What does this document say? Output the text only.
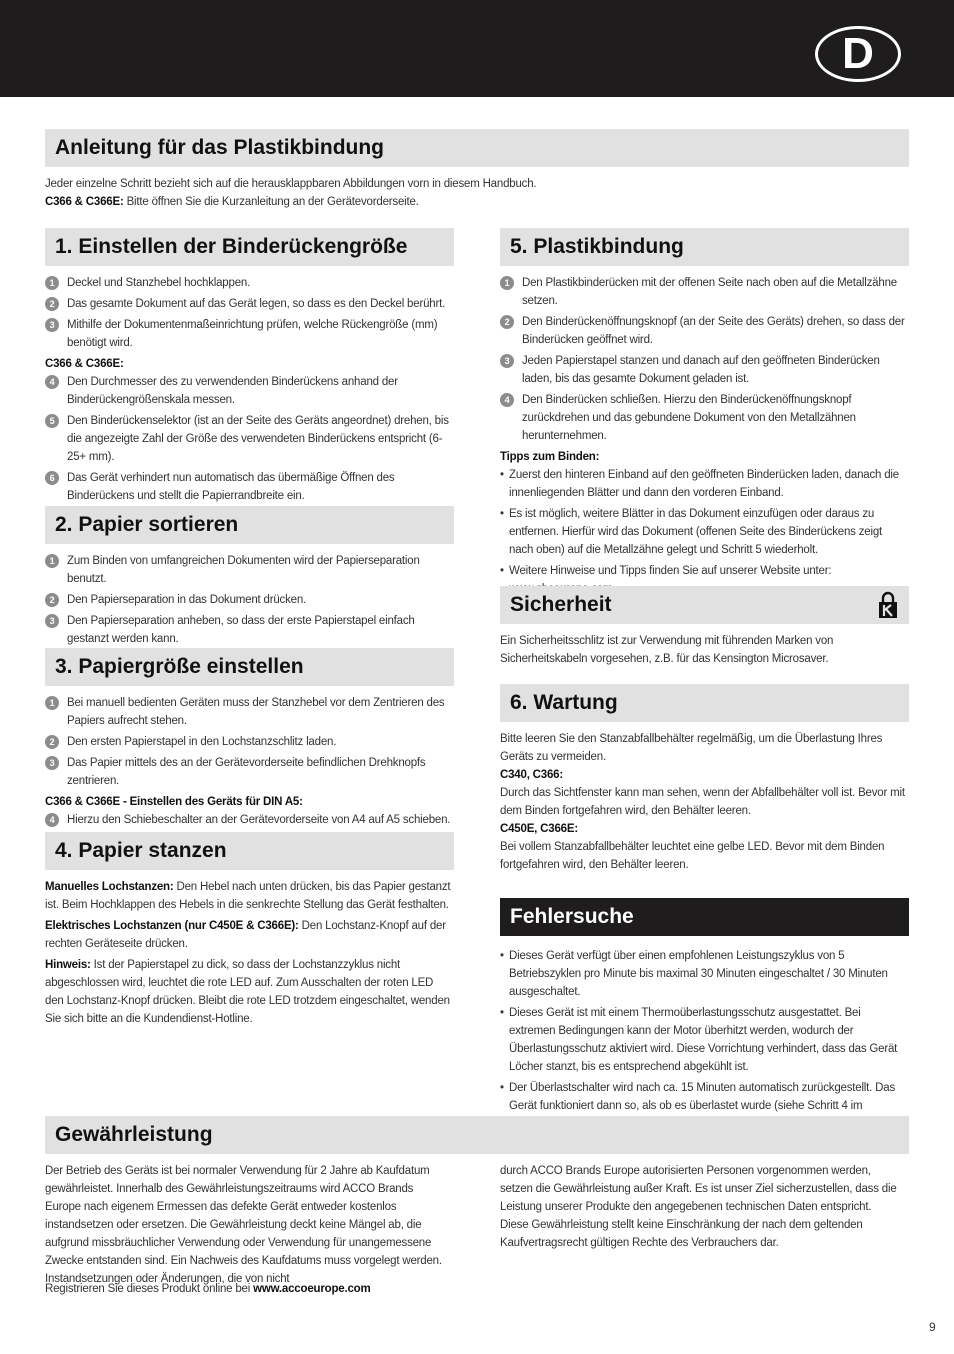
D
Anleitung für das Plastikbindung

Jeder einzelne Schritt bezieht sich auf die herausklappbaren Abbildungen vorn in diesem Handbuch.

C366 & C366E: Bitte öffnen Sie die Kurzanleitung an der Gerätevorderseite.

1. Einstellen der Binderückengröße
1	Deckel und Stanzhebel hochklappen.
2	Das gesamte Dokument auf das Gerät legen, so dass es den Deckel berührt.
3	Mithilfe der Dokumentenmaßeinrichtung prüfen, welche Rückengröße (mm) benötigt wird.

C366 & C366E:

4	Den Durchmesser des zu verwendenden Binderückens anhand der Binderückengrößenskala messen.
5	Den Binderückenselektor (ist an der Seite des Geräts angeordnet) drehen, bis die angezeigte Zahl der Größe des verwendeten Binderückens entspricht (6-25+ mm).
6	Das Gerät verhindert nun automatisch das übermäßige Öffnen des Binderückens und stellt die Papierrandbreite ein.
2. Papier sortieren
1	Zum Binden von umfangreichen Dokumenten wird der Papierseparation benutzt.
2	Den Papierseparation in das Dokument drücken.
3	Den Papierseparation anheben, so dass der erste Papierstapel einfach gestanzt werden kann.
3. Papiergröße einstellen
1	Bei manuell bedienten Geräten muss der Stanzhebel vor dem Zentrieren des Papiers aufrecht stehen.
2	Den ersten Papierstapel in den Lochstanzschlitz laden.
3	Das Papier mittels des an der Gerätevorderseite befindlichen Drehknopfs zentrieren.

C366 & C366E - Einstellen des Geräts für DIN A5:

4	Hierzu den Schiebeschalter an der Gerätevorderseite von A4 auf A5 schieben.
4. Papier stanzen

Manuelles Lochstanzen: Den Hebel nach unten drücken, bis das Papier gestanzt ist. Beim Hochklappen des Hebels in die senkrechte Stellung das Gerät festhalten.

Elektrisches Lochstanzen (nur C450E & C366E): Den Lochstanz-Knopf auf der rechten Geräteseite drücken.

Hinweis: Ist der Papierstapel zu dick, so dass der Lochstanzzyklus nicht abgeschlossen wird, leuchtet die rote LED auf. Zum Ausschalten der roten LED den Lochstanz-Knopf drücken. Bleibt die rote LED trotzdem eingeschaltet, wenden Sie sich bitte an die Kundendienst-Hotline.

5. Plastikbindung
1	Den Plastikbinderücken mit der offenen Seite nach oben auf die Metallzähne setzen.
2	Den Binderückenöffnungsknopf (an der Seite des Geräts) drehen, so dass der Binderücken geöffnet wird.
3	Jeden Papierstapel stanzen und danach auf den geöffneten Binderücken laden, bis das gesamte Dokument geladen ist.
4	Den Binderücken schließen. Hierzu den Binderückenöffnungsknopf zurückdrehen und das gebundene Dokument von den Metallzähnen herunternehmen.

Tipps zum Binden:

• Zuerst den hinteren Einband auf den geöffneten Binderücken laden, danach die innenliegenden Blätter und dann den vorderen Einband.
• Es ist möglich, weitere Blätter in das Dokument einzufügen oder daraus zu entfernen. Hierfür wird das Dokument (offenen Seite des Binderückens zeigt nach oben) auf die Metallzähne gelegt und Schritt 5 wiederholt.
• Weitere Hinweise und Tipps finden Sie auf unserer Website unter:
Sicherheit

Ein Sicherheitsschlitz ist zur Verwendung mit führenden Marken von Sicherheitskabeln vorgesehen, z.B. für das Kensington Microsaver.

6. Wartung

Bitte leeren Sie den Stanzabfallbehälter regelmäßig, um die Überlastung Ihres Geräts zu vermeiden.

C340, C366:

Durch das Sichtfenster kann man sehen, wenn der Abfallbehälter voll ist. Bevor mit dem Binden fortgefahren wird, den Behälter leeren.

C450E, C366E:

Bei vollem Stanzabfallbehälter leuchtet eine gelbe LED. Bevor mit dem Binden fortgefahren wird, den Behälter leeren.

Fehlersuche
• Dieses Gerät verfügt über einen empfohlenen Leistungszyklus von 5 Betriebszyklen pro Minute bis maximal 30 Minuten eingeschaltet / 30 Minuten ausgeschaltet.
• Dieses Gerät ist mit einem Thermoüberlastungsschutz ausgestattet. Bei extremen Bedingungen kann der Motor überhitzt werden, wodurch der Überlastungsschutz aktiviert wird. Diese Vorrichtung verhindert, dass das Gerät Löcher stanzt, bis es entsprechend abgekühlt ist.
• Der Überlastschalter wird nach ca. 15 Minuten automatisch zurückgestellt. Das Gerät funktioniert dann so, als ob es überlastet wurde (siehe Schritt 4 im
Gewährleistung

Der Betrieb des Geräts ist bei normaler Verwendung für 2 Jahre ab Kaufdatum gewährleistet. Innerhalb des Gewährleistungszeitraums wird ACCO Brands Europe nach eigenem Ermessen das defekte Gerät entweder kostenlos instandsetzen oder ersetzen. Die Gewährleistung deckt keine Mängel ab, die aufgrund missbräuchlicher Verwendung oder Verwendung für unangemessene Zwecke entstanden sind. Ein Nachweis des Kaufdatums muss vorgelegt werden. Instandsetzungen oder Änderungen, die von nicht

durch ACCO Brands Europe autorisierten Personen vorgenommen werden, setzen die Gewährleistung außer Kraft. Es ist unser Ziel sicherzustellen, dass die Leistung unserer Produkte den angegebenen technischen Daten entspricht. Diese Gewährleistung stellt keine Einschränkung der nach dem geltenden Kaufvertragsrecht gültigen Rechte des Verbrauchers dar.

Registrieren Sie dieses Produkt online bei www.accoeurope.com

9
